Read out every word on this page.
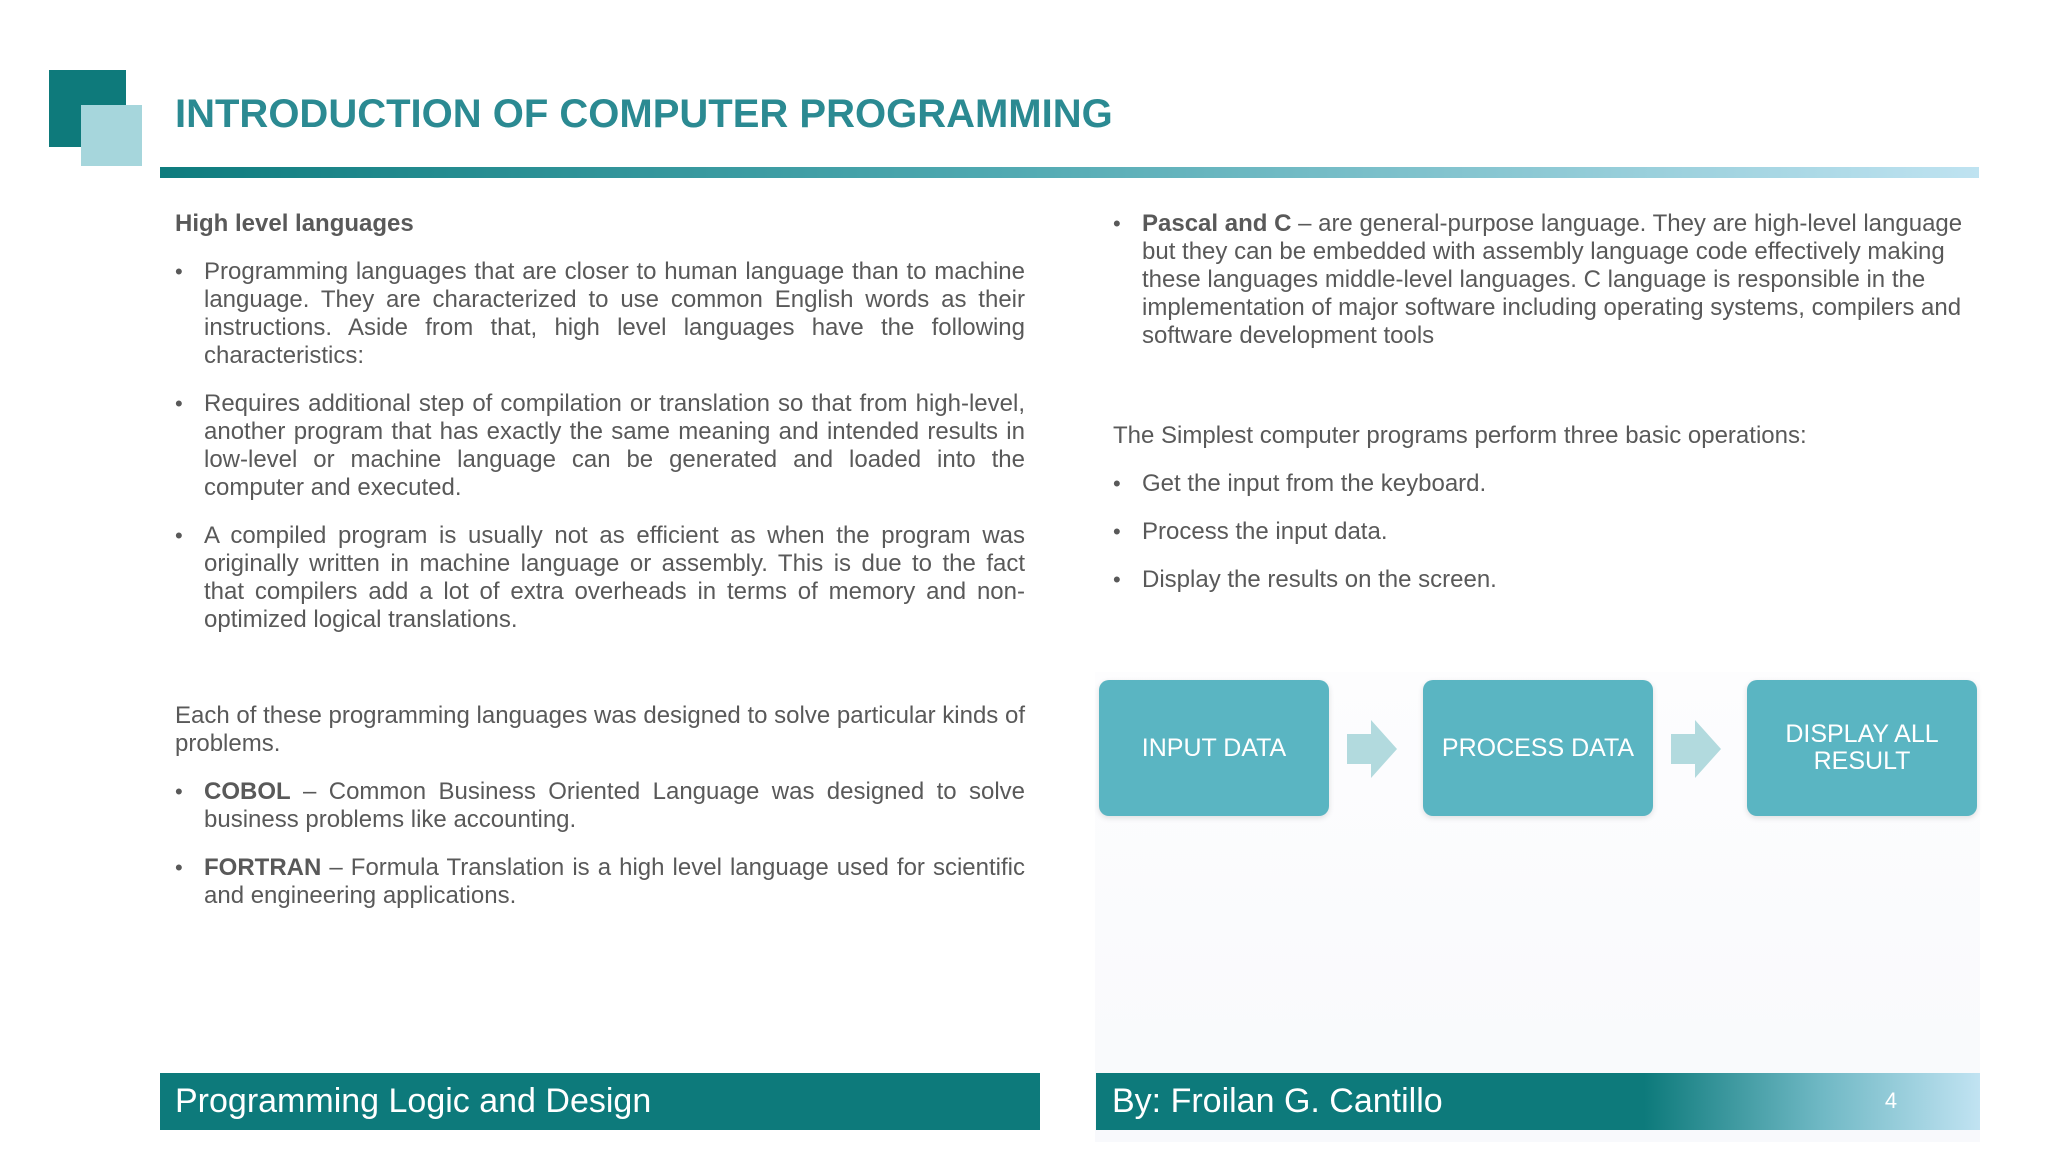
INTRODUCTION OF COMPUTER PROGRAMMING
High level languages
• Programming languages that are closer to human language than to machine language. They are characterized to use common English words as their instructions. Aside from that, high level languages have the following characteristics:
• Requires additional step of compilation or translation so that from high-level, another program that has exactly the same meaning and intended results in low-level or machine language can be generated and loaded into the computer and executed.
• A compiled program is usually not as efficient as when the program was originally written in machine language or assembly. This is due to the fact that compilers add a lot of extra overheads in terms of memory and non-optimized logical translations.
Each of these programming languages was designed to solve particular kinds of problems.
• COBOL – Common Business Oriented Language was designed to solve business problems like accounting.
• FORTRAN – Formula Translation is a high level language used for scientific and engineering applications.
• Pascal and C – are general-purpose language. They are high-level language but they can be embedded with assembly language code effectively making these languages middle-level languages. C language is responsible in the implementation of major software including operating systems, compilers and software development tools
The Simplest computer programs perform three basic operations:
• Get the input from the keyboard.
• Process the input data.
• Display the results on the screen.
INPUT DATA	PROCESS DATA	DISPLAY ALL RESULT
Programming Logic and Design	By: Froilan G. Cantillo	4
